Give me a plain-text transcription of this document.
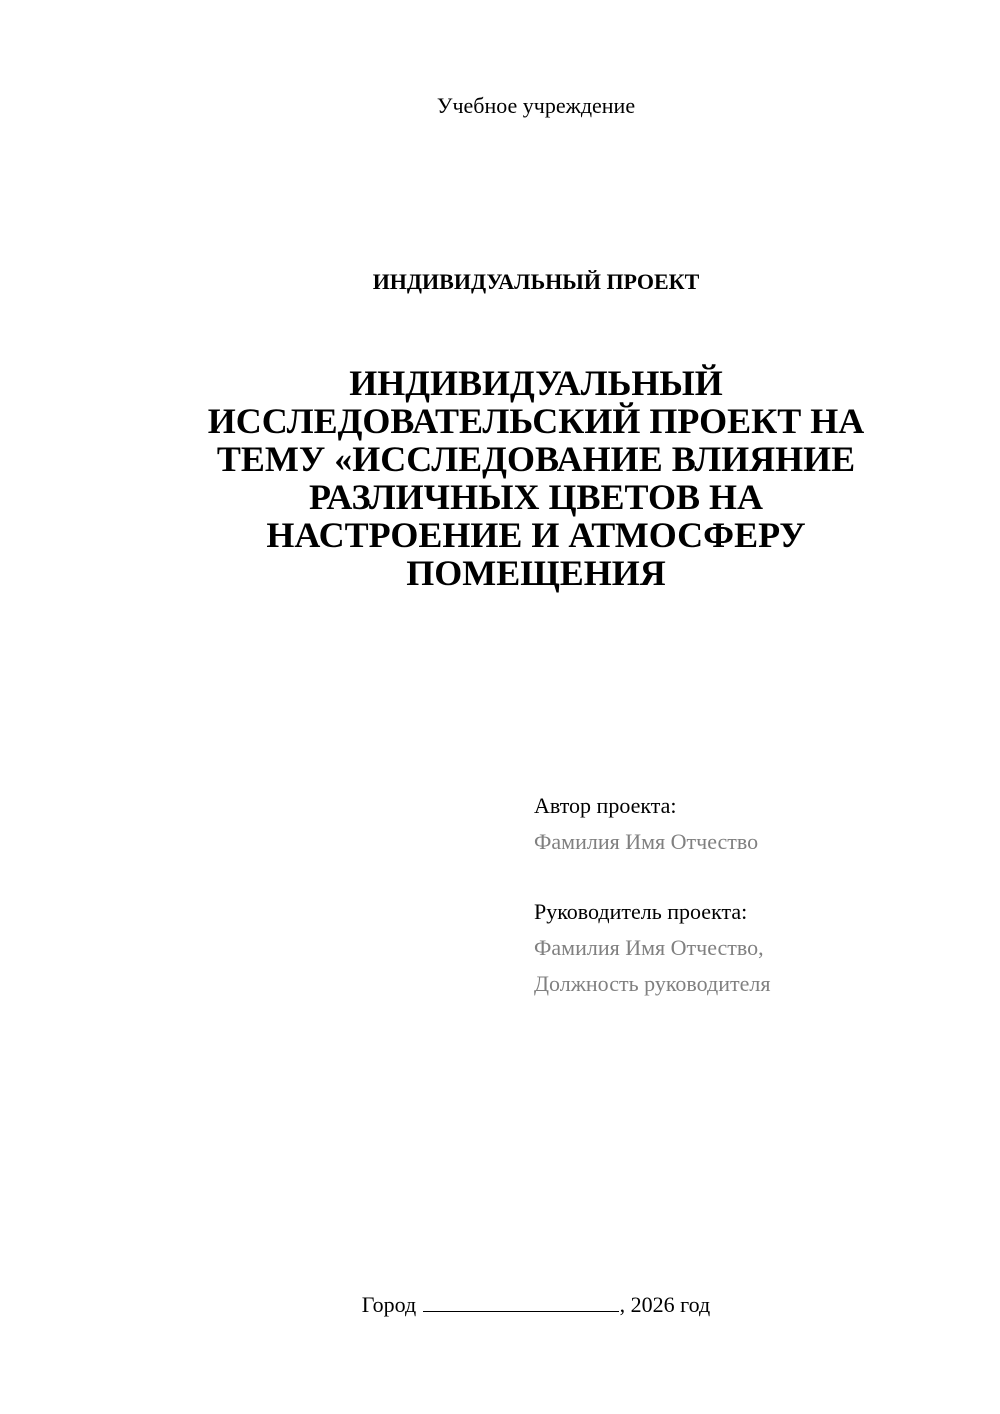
Учебное учреждение
ИНДИВИДУАЛЬНЫЙ ПРОЕКТ
ИНДИВИДУАЛЬНЫЙ
ИССЛЕДОВАТЕЛЬСКИЙ ПРОЕКТ НА
ТЕМУ «ИССЛЕДОВАНИЕ ВЛИЯНИЕ
РАЗЛИЧНЫХ ЦВЕТОВ НА
НАСТРОЕНИЕ И АТМОСФЕРУ
ПОМЕЩЕНИЯ
Автор проекта:
Фамилия Имя Отчество
Руководитель проекта:
Фамилия Имя Отчество,
Должность руководителя
Город	, 2026 год
